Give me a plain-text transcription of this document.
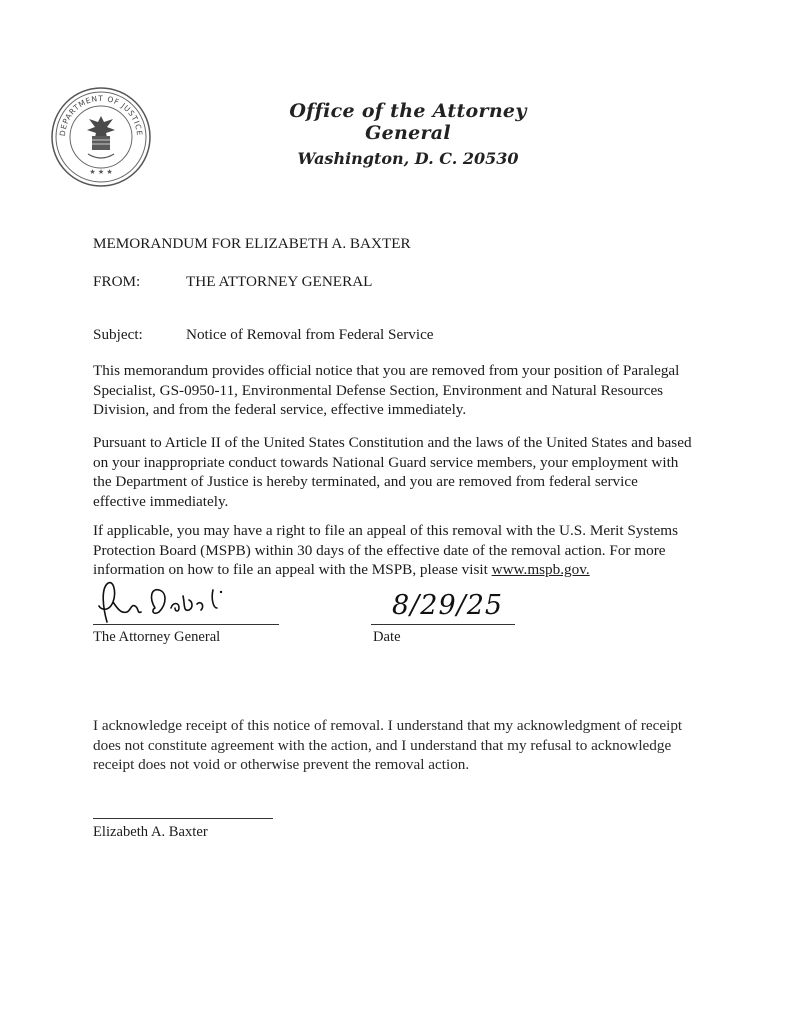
DEPARTMENT OF JUSTICE
★ ★ ★
Office of the Attorney General
Washington, D. C. 20530
MEMORANDUM FOR ELIZABETH A. BAXTER
FROM:	THE ATTORNEY GENERAL
Subject:	Notice of Removal from Federal Service
This memorandum provides official notice that you are removed from your position of Paralegal Specialist, GS-0950-11, Environmental Defense Section, Environment and Natural Resources Division, and from the federal service, effective immediately.
Pursuant to Article II of the United States Constitution and the laws of the United States and based on your inappropriate conduct towards National Guard service members, your employment with the Department of Justice is hereby terminated, and you are removed from federal service effective immediately.
If applicable, you may have a right to file an appeal of this removal with the U.S. Merit Systems Protection Board (MSPB) within 30 days of the effective date of the removal action. For more information on how to file an appeal with the MSPB, please visit www.mspb.gov.
The Attorney General
8/29/25
Date
I acknowledge receipt of this notice of removal. I understand that my acknowledgment of receipt does not constitute agreement with the action, and I understand that my refusal to acknowledge receipt does not void or otherwise prevent the removal action.
Elizabeth A. Baxter
